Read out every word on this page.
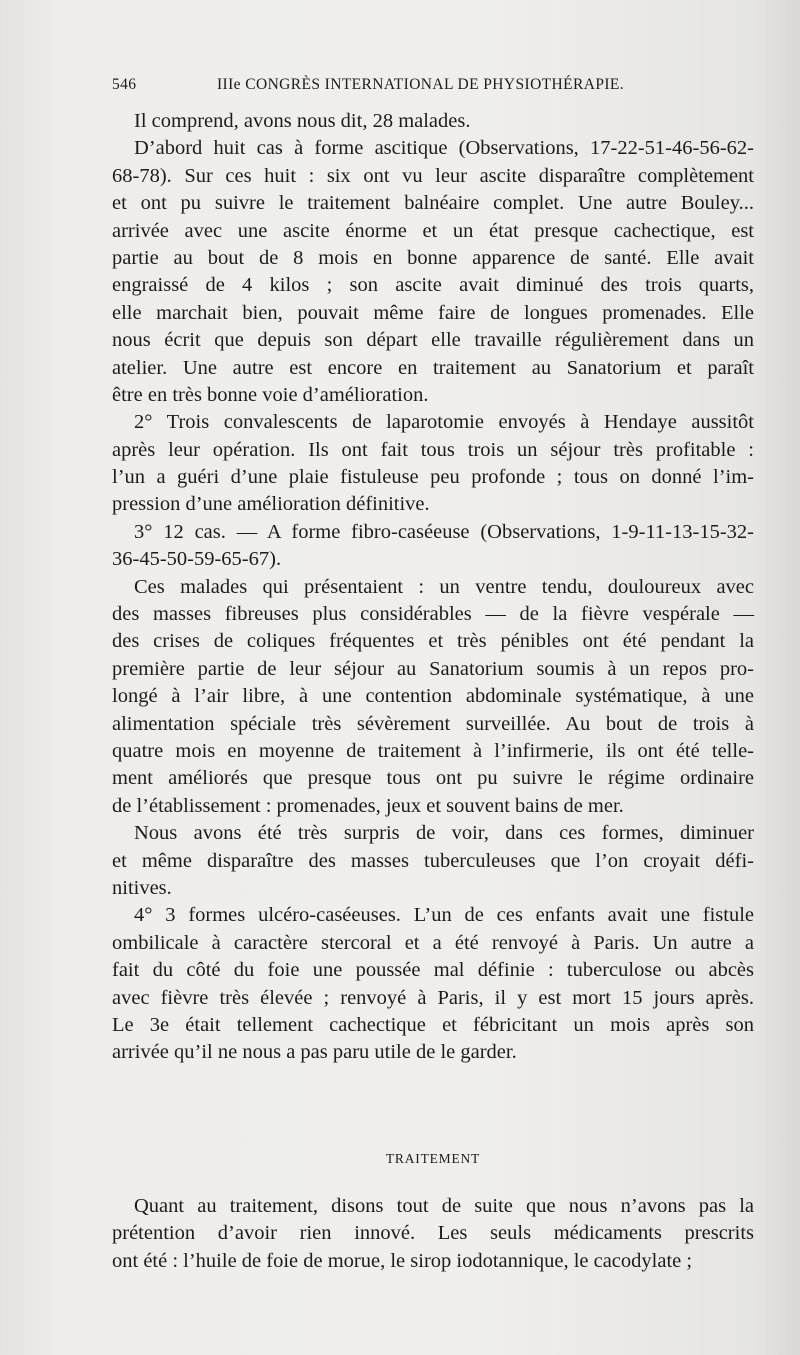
546	IIIe CONGRÈS INTERNATIONAL DE PHYSIOTHÉRAPIE.
Il comprend, avons nous dit, 28 malades.
D’abord huit cas à forme ascitique (Observations, 17-22-51-46-56-62-
68-78). Sur ces huit : six ont vu leur ascite disparaître complètement
et ont pu suivre le traitement balnéaire complet. Une autre Bouley...
arrivée avec une ascite énorme et un état presque cachectique, est
partie au bout de 8 mois en bonne apparence de santé. Elle avait
engraissé de 4 kilos ; son ascite avait diminué des trois quarts,
elle marchait bien, pouvait même faire de longues promenades. Elle
nous écrit que depuis son départ elle travaille régulièrement dans un
atelier. Une autre est encore en traitement au Sanatorium et paraît
être en très bonne voie d’amélioration.
2° Trois convalescents de laparotomie envoyés à Hendaye aussitôt
après leur opération. Ils ont fait tous trois un séjour très profitable :
l’un a guéri d’une plaie fistuleuse peu profonde ; tous on donné l’im-
pression d’une amélioration définitive.
3° 12 cas. — A forme fibro-caséeuse (Observations, 1-9-11-13-15-32-
36-45-50-59-65-67).
Ces malades qui présentaient : un ventre tendu, douloureux avec
des masses fibreuses plus considérables — de la fièvre vespérale —
des crises de coliques fréquentes et très pénibles ont été pendant la
première partie de leur séjour au Sanatorium soumis à un repos pro-
longé à l’air libre, à une contention abdominale systématique, à une
alimentation spéciale très sévèrement surveillée. Au bout de trois à
quatre mois en moyenne de traitement à l’infirmerie, ils ont été telle-
ment améliorés que presque tous ont pu suivre le régime ordinaire
de l’établissement : promenades, jeux et souvent bains de mer.
Nous avons été très surpris de voir, dans ces formes, diminuer
et même disparaître des masses tuberculeuses que l’on croyait défi-
nitives.
4° 3 formes ulcéro-caséeuses. L’un de ces enfants avait une fistule
ombilicale à caractère stercoral et a été renvoyé à Paris. Un autre a
fait du côté du foie une poussée mal définie : tuberculose ou abcès
avec fièvre très élevée ; renvoyé à Paris, il y est mort 15 jours après.
Le 3e était tellement cachectique et fébricitant un mois après son
arrivée qu’il ne nous a pas paru utile de le garder.
TRAITEMENT
Quant au traitement, disons tout de suite que nous n’avons pas la
prétention d’avoir rien innové. Les seuls médicaments prescrits
ont été : l’huile de foie de morue, le sirop iodotannique, le cacodylate ;
